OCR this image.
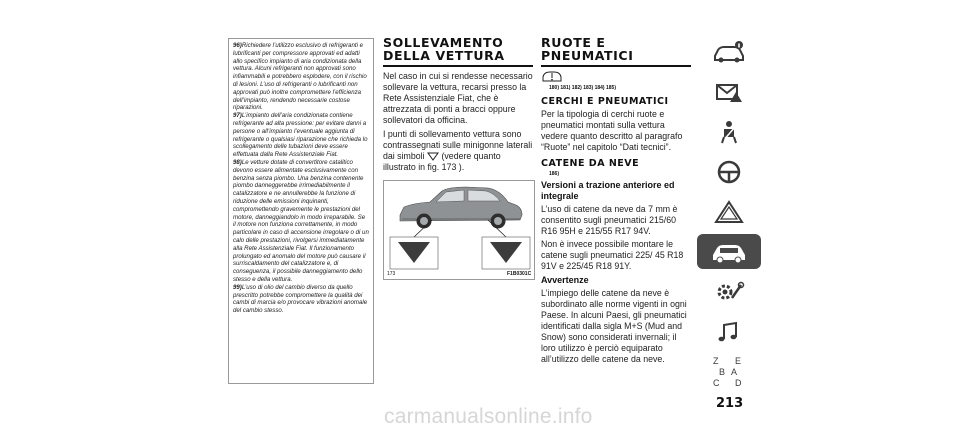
96)Richiedere l’utilizzo esclusivo di refrigeranti e lubrificanti per compressore approvati ed adatti allo specifico impianto di aria condizionata della vettura. Alcuni refrigeranti non approvati sono infiammabili e potrebbero esplodere, con il rischio di lesioni. L’uso di refrigeranti o lubrificanti non approvati può inoltre compromettere l’efficienza dell’impianto, rendendo necessarie costose riparazioni.

97)L’impianto dell’aria condizionata contiene refrigerante ad alta pressione: per evitare danni a persone o all’impianto l’eventuale aggiunta di refrigerante o qualsiasi riparazione che richieda lo scollegamento delle tubazioni deve essere effettuata dalla Rete Assistenziale Fiat.

98)Le vetture dotate di convertitore catalitico devono essere alimentate esclusivamente con benzina senza piombo. Una benzina contenente piombo danneggerebbe irrimediabilmente il catalizzatore e ne annullerebbe la funzione di riduzione delle emissioni inquinanti, compromettendo gravemente le prestazioni del motore, danneggiandolo in modo irreparabile. Se il motore non funziona correttamente, in modo particolare in caso di accensione irregolare o di un calo delle prestazioni, rivolgersi immediatamente alla Rete Assistenziale Fiat. Il funzionamento prolungato ed anomalo del motore può causare il surriscaldamento del catalizzatore e, di conseguenza, il possibile danneggiamento dello stesso e della vettura.

99)L’uso di olio del cambio diverso da quello prescritto potrebbe compromettere la qualità dei cambi di marcia e/o provocare vibrazioni anomale del cambio stesso.

SOLLEVAMENTO

DELLA VETTURA

Nel caso in cui si rendesse necessario sollevare la vettura, recarsi presso la Rete Assistenziale Fiat, che è attrezzata di ponti a bracci oppure sollevatori da officina.

I punti di sollevamento vettura sono contrassegnati sulle minigonne laterali dai simboli (vedere quanto illustrato in fig. 173 ).

173	F1B0301C

RUOTE E

PNEUMATICI

180) 181) 182) 183) 184) 185)

CERCHI E PNEUMATICI

Per la tipologia di cerchi ruote e pneumatici montati sulla vettura vedere quanto descritto al paragrafo “Ruote” nel capitolo “Dati tecnici”.

CATENE DA NEVE

186)

Versioni a trazione anteriore ed integrale

L’uso di catene da neve da 7 mm è consentito sugli pneumatici 215/60 R16 95H e 215/55 R17 94V.

Non è invece possibile montare le catene sugli pneumatici 225/ 45 R18 91V e 225/45 R18 91Y.

Avvertenze

L’impiego delle catene da neve è subordinato alle norme vigenti in ogni Paese. In alcuni Paesi, gli pneumatici identificati dalla sigla M+S (Mud and Snow) sono considerati invernali; il loro utilizzo è perciò equiparato all’utilizzo delle catene da neve.	Z E
B A
C D
213
carmanualsonline.info
